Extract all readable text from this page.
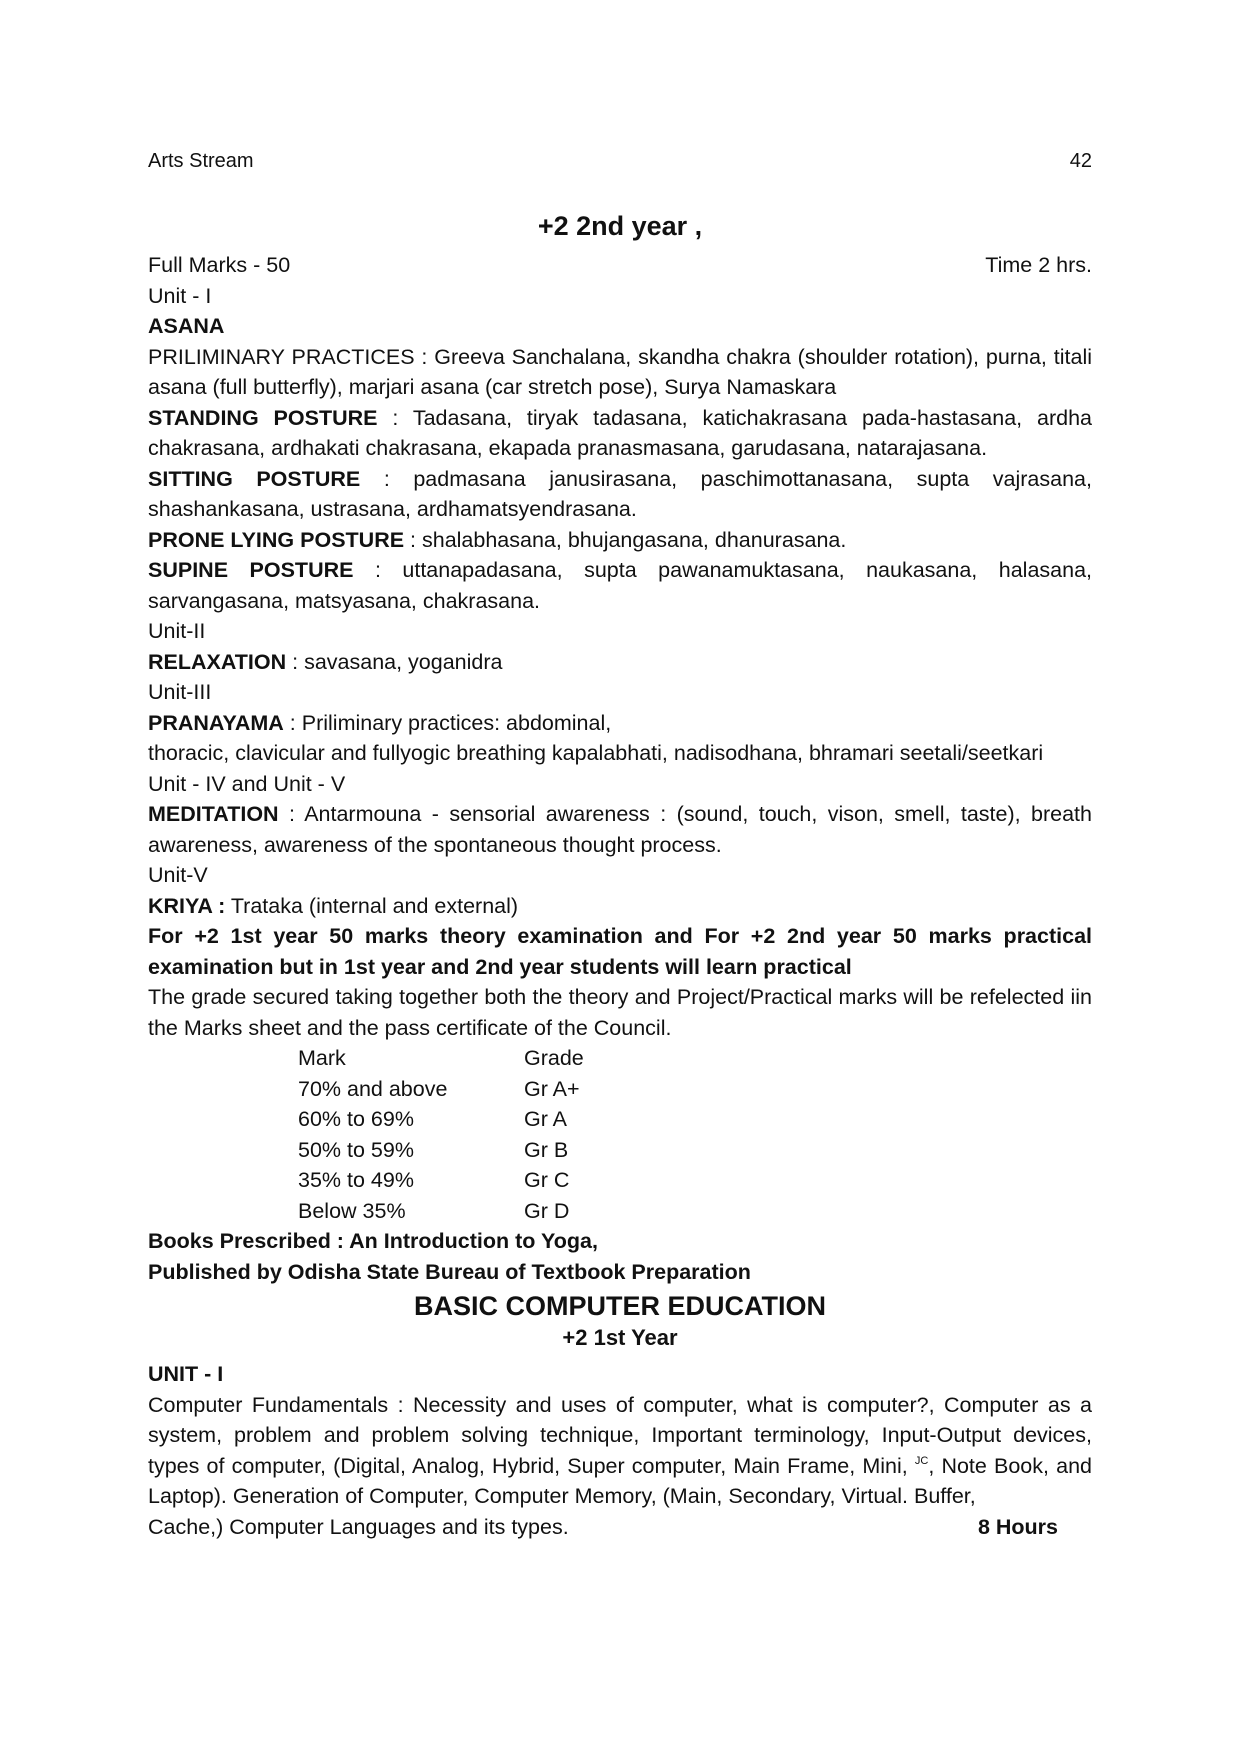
Arts Stream	42
+2 2nd year ,
Full Marks - 50	Time 2 hrs.
Unit - I
ASANA
PRILIMINARY PRACTICES : Greeva Sanchalana, skandha chakra (shoulder rotation), purna, titali asana (full butterfly), marjari asana (car stretch pose), Surya Namaskara
STANDING POSTURE : Tadasana, tiryak tadasana, katichakrasana pada-hastasana, ardha chakrasana, ardhakati chakrasana, ekapada pranasmasana, garudasana, natarajasana.
SITTING POSTURE : padmasana janusirasana, paschimottanasana, supta vajrasana, shashankasana, ustrasana, ardhamatsyendrasana.
PRONE LYING POSTURE : shalabhasana, bhujangasana, dhanurasana.
SUPINE POSTURE : uttanapadasana, supta pawanamuktasana, naukasana, halasana, sarvangasana, matsyasana, chakrasana.
Unit-II
RELAXATION : savasana, yoganidra
Unit-III
PRANAYAMA : Priliminary practices: abdominal,
thoracic, clavicular and fullyogic breathing kapalabhati, nadisodhana, bhramari seetali/seetkari
Unit - IV and Unit - V
MEDITATION : Antarmouna - sensorial awareness : (sound, touch, vison, smell, taste), breath awareness, awareness of the spontaneous thought process.
Unit-V
KRIYA : Trataka (internal and external)
For +2 1st year 50 marks theory examination and For +2 2nd year 50 marks practical examination but in 1st year and 2nd year students will learn practical
The grade secured taking together both the theory and Project/Practical marks will be refelected iin the Marks sheet and the pass certificate of the Council.
Mark	Grade
70% and above	Gr A+
60% to 69%	Gr A
50% to 59%	Gr B
35% to 49%	Gr C
Below 35%	Gr D
Books Prescribed : An Introduction to Yoga,
Published by Odisha State Bureau of Textbook Preparation
BASIC COMPUTER EDUCATION
+2 1st Year
UNIT - I
Computer Fundamentals : Necessity and uses of computer, what is computer?, Computer as a system, problem and problem solving technique, Important terminology, Input-Output devices, types of computer, (Digital, Analog, Hybrid, Super computer, Main Frame, Mini, $^{JC}$, Note Book, and Laptop). Generation of Computer, Computer Memory, (Main, Secondary, Virtual. Buffer,
Cache,) Computer Languages and its types.	8 Hours
